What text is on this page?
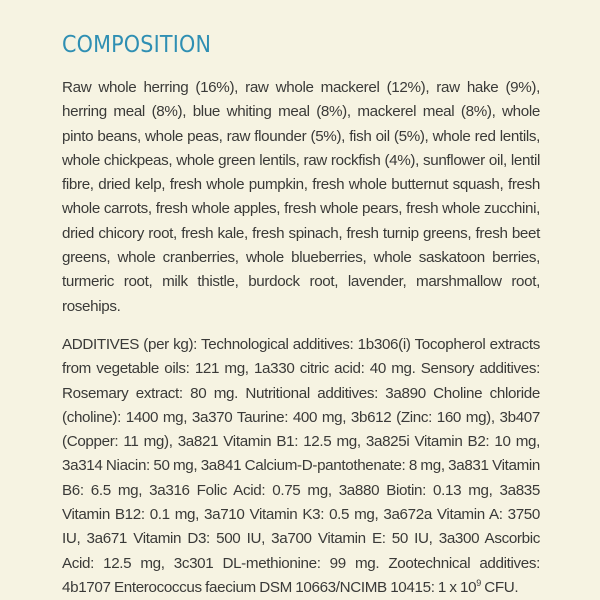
COMPOSITION

Raw whole herring (16%), raw whole mackerel (12%), raw hake (9%), herring meal (8%), blue whiting meal (8%), mackerel meal (8%), whole pinto beans, whole peas, raw flounder (5%), fish oil (5%), whole red lentils, whole chickpeas, whole green lentils, raw rockfish (4%), sunflower oil, lentil fibre, dried kelp, fresh whole pumpkin, fresh whole butternut squash, fresh whole carrots, fresh whole apples, fresh whole pears, fresh whole zucchini, dried chicory root, fresh kale, fresh spinach, fresh turnip greens, fresh beet greens, whole cranberries, whole blueberries, whole saskatoon berries, turmeric root, milk thistle, burdock root, lavender, marshmallow root, rosehips.

ADDITIVES (per kg): Technological additives: 1b306(i) Tocopherol extracts from vegetable oils: 121 mg, 1a330 citric acid: 40 mg. Sensory additives: Rosemary extract: 80 mg. Nutritional additives: 3a890 Choline chloride (choline): 1400 mg, 3a370 Taurine: 400 mg, 3b612 (Zinc: 160 mg), 3b407 (Copper: 11 mg), 3a821 Vitamin B1: 12.5 mg, 3a825i Vitamin B2: 10 mg, 3a314 Niacin: 50 mg, 3a841 Calcium-D-pantothenate: 8 mg, 3a831 Vitamin B6: 6.5 mg, 3a316 Folic Acid: 0.75 mg, 3a880 Biotin: 0.13 mg, 3a835 Vitamin B12: 0.1 mg, 3a710 Vitamin K3: 0.5 mg, 3a672a Vitamin A: 3750 IU, 3a671 Vitamin D3: 500 IU, 3a700 Vitamin E: 50 IU, 3a300 Ascorbic Acid: 12.5 mg, 3c301 DL-methionine: 99 mg. Zootechnical additives: 4b1707 Enterococcus faecium DSM 10663/NCIMB 10415: 1 x $10^9$ CFU.
